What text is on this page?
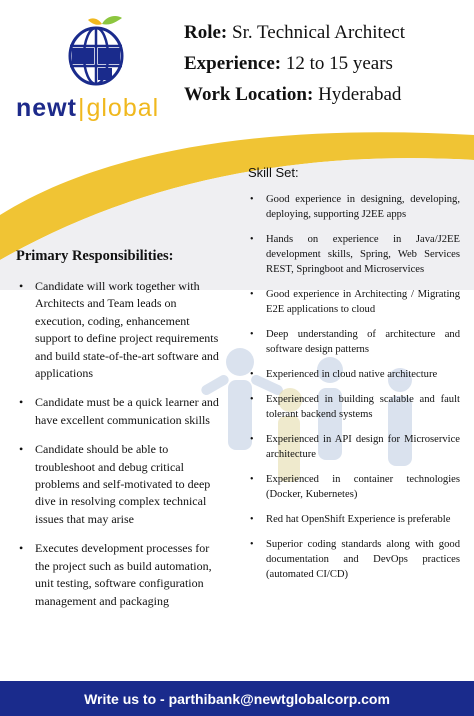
newt|global
Role: Sr. Technical Architect
Experience: 12 to 15 years
Work Location: Hyderabad
Skill Set:
• Good experience in designing, developing, deploying, supporting J2EE apps
• Hands on experience in Java/J2EE development skills, Spring, Web Services REST, Springboot and Microservices
• Good experience in Architecting / Migrating E2E applications to cloud
• Deep understanding of architecture and software design patterns
• Experienced in cloud native architecture
• Experienced in building scalable and fault tolerant backend systems
• Experienced in API design for Microservice architecture
• Experienced in container technologies (Docker, Kubernetes)
• Red hat OpenShift Experience is preferable
• Superior coding standards along with good documentation and DevOps practices (automated CI/CD)
Primary Responsibilities:
• Candidate will work together with Architects and Team leads on execution, coding, enhancement support to define project requirements and build state-of-the-art software and applications
• Candidate must be a quick learner and have excellent communication skills
• Candidate should be able to troubleshoot and debug critical problems and self-motivated to deep dive in resolving complex technical issues that may arise
• Executes development processes for the project such as build automation, unit testing, software configuration management and packaging
Write us to - parthibank@newtglobalcorp.com
